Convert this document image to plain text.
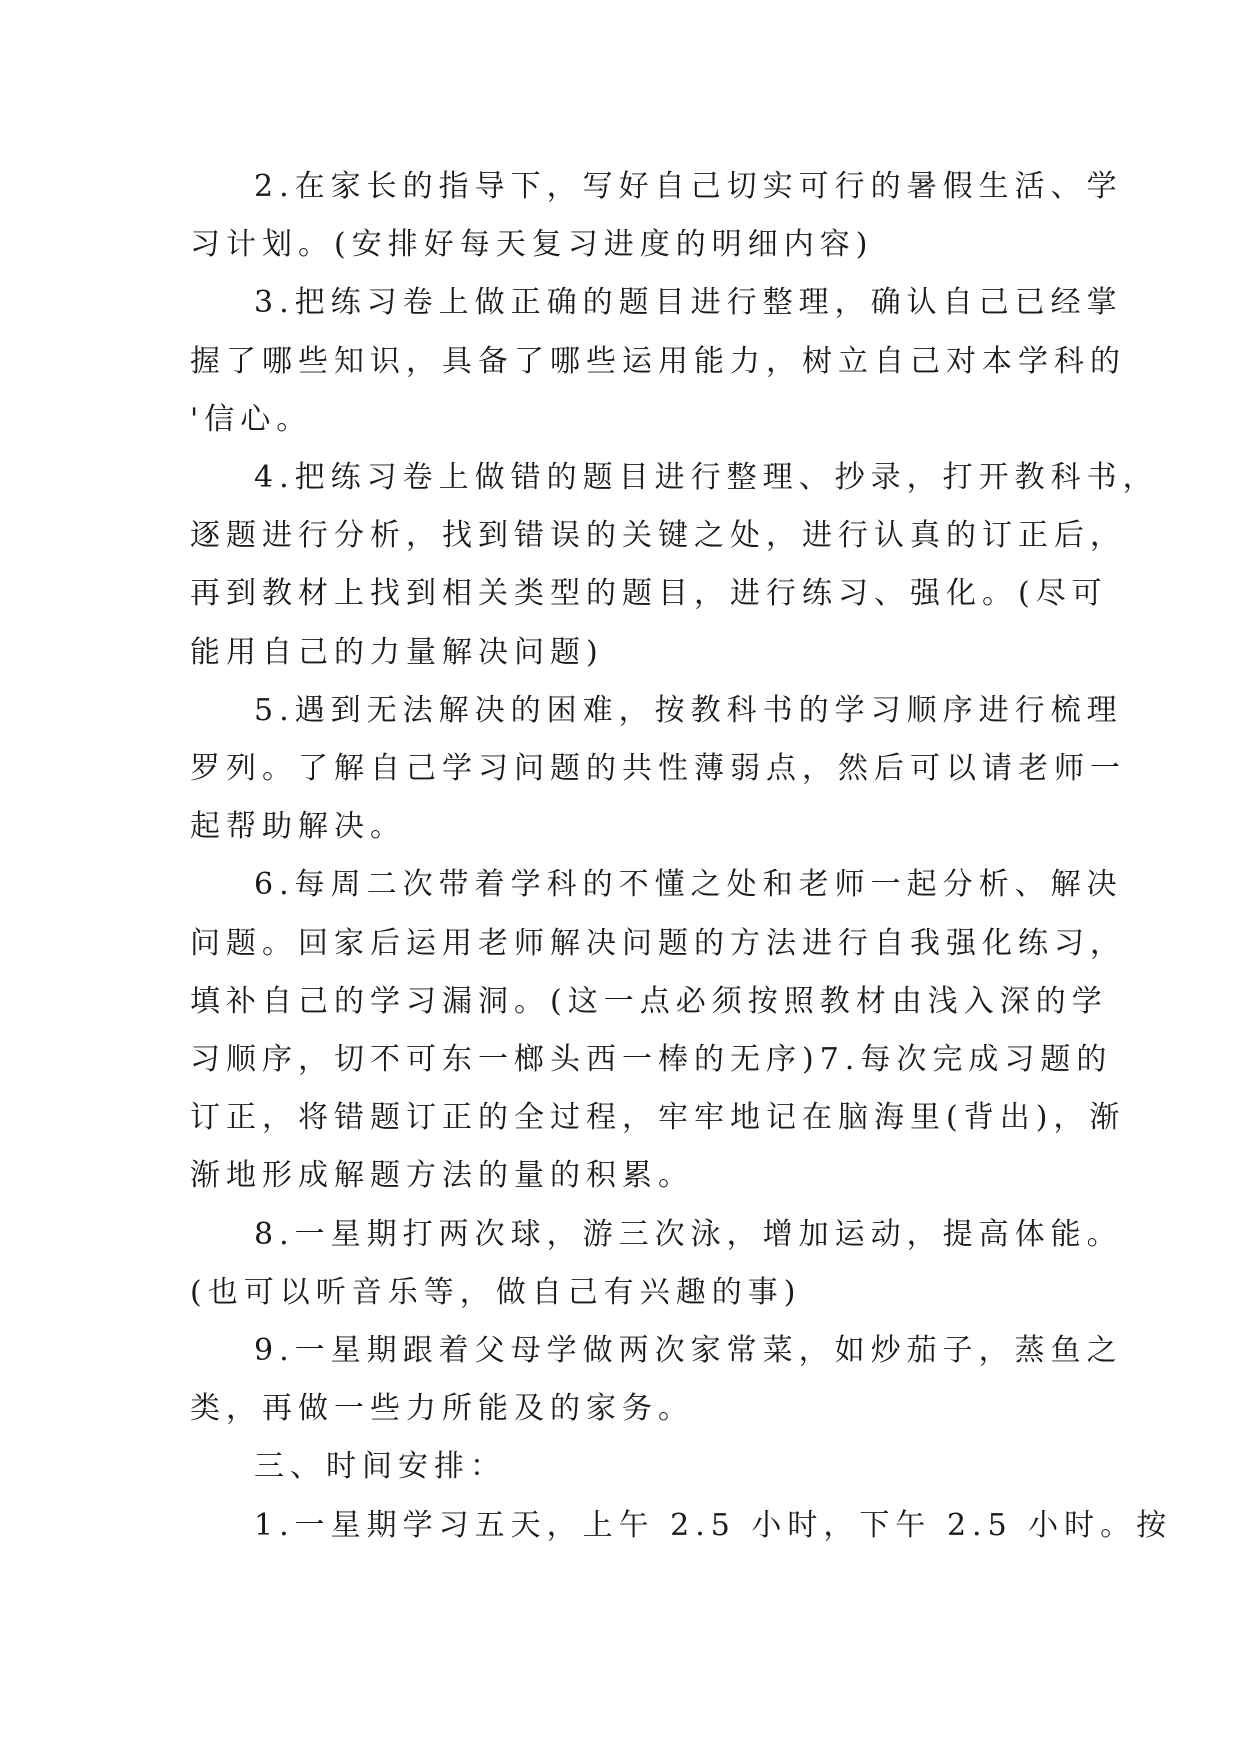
2.在家长的指导下，写好自己切实可行的暑假生活、学
习计划。(安排好每天复习进度的明细内容)
3.把练习卷上做正确的题目进行整理，确认自己已经掌
握了哪些知识，具备了哪些运用能力，树立自己对本学科的
'信心。
4.把练习卷上做错的题目进行整理、抄录，打开教科书，
逐题进行分析，找到错误的关键之处，进行认真的订正后，
再到教材上找到相关类型的题目，进行练习、强化。(尽可
能用自己的力量解决问题)
5.遇到无法解决的困难，按教科书的学习顺序进行梳理
罗列。了解自己学习问题的共性薄弱点，然后可以请老师一
起帮助解决。
6.每周二次带着学科的不懂之处和老师一起分析、解决
问题。回家后运用老师解决问题的方法进行自我强化练习，
填补自己的学习漏洞。(这一点必须按照教材由浅入深的学
习顺序，切不可东一榔头西一棒的无序)7.每次完成习题的
订正，将错题订正的全过程，牢牢地记在脑海里(背出)，渐
渐地形成解题方法的量的积累。
8.一星期打两次球，游三次泳，增加运动，提高体能。
(也可以听音乐等，做自己有兴趣的事)
9.一星期跟着父母学做两次家常菜，如炒茄子，蒸鱼之
类，再做一些力所能及的家务。
三、时间安排：
1.一星期学习五天，上午 2.5 小时，下午 2.5 小时。按
